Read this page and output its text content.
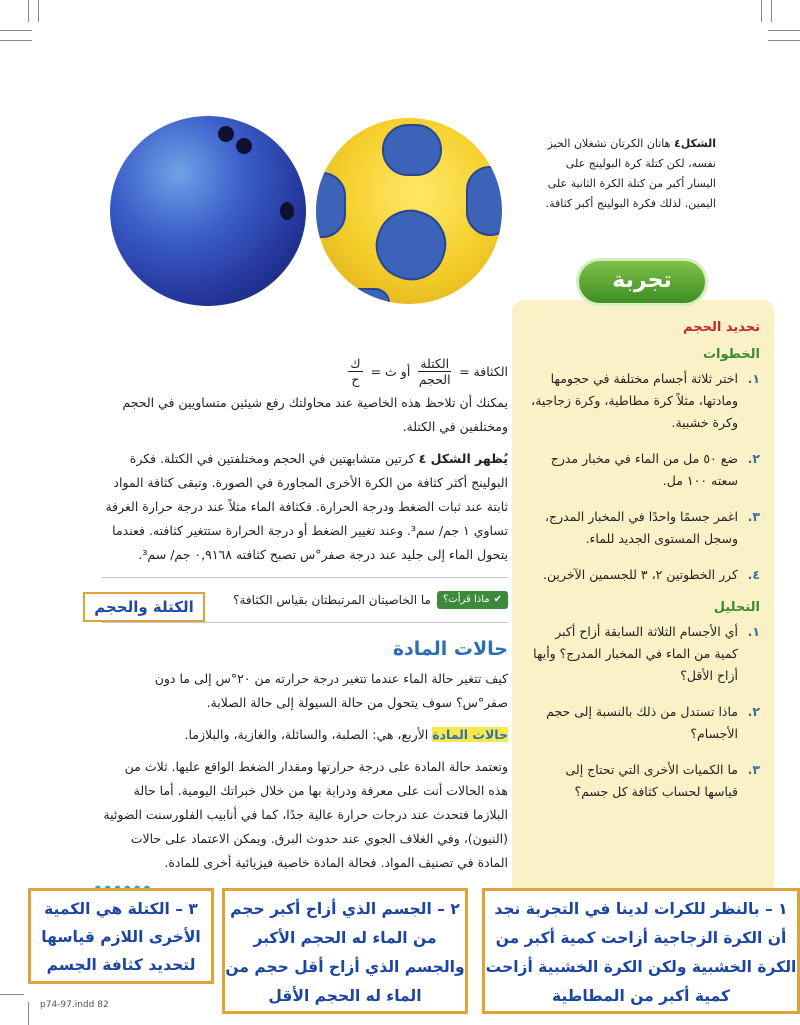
الشكل٤ هاتان الكرتان تشغلان الحيز نفسه، لكن كتلة كرة البولينج على اليسار أكبر من كتلة الكرة الثانية على اليمين. لذلك فكرة البولينج أكبر كثافة.
تحديد الحجم
الخطوات
١.
اختر ثلاثة أجسام مختلفة في حجومها ومادتها، مثلاً كرة مطاطية، وكرة زجاجية، وكرة خشبية.
٢.
ضع ٥٠ مل من الماء في مخبار مدرج سعته ١٠٠ مل.
٣.
اغمر جسمًا واحدًا في المخبار المدرج، وسجل المستوى الجديد للماء.
٤.
كرر الخطوتين ٢، ٣ للجسمين الآخرين.
التحليل
١.
أي الأجسام الثلاثة السابقة أزاح أكبر كمية من الماء في المخبار المدرج؟ وأيها أزاح الأقل؟
٢.
ماذا تستدل من ذلك بالنسبة إلى حجم الأجسام؟
٣.
ما الكميات الأخرى التي تحتاج إلى قياسها لحساب كثافة كل جسم؟
تجربة
الكثافة =
$\frac{\text{الكتلة}}{\text{الحجم}}$
أو ث =
$\frac{\text{ك}}{\text{ح}}$

يمكنك أن تلاحظ هذه الخاصية عند محاولتك رفع شيئين متساويين في الحجم ومختلفين في الكتلة.

يُظهر الشكل ٤ كرتين متشابهتين في الحجم ومختلفتين في الكتلة. فكرة البولينج أكثر كثافة من الكرة الأخرى المجاورة في الصورة. وتبقى كثافة المواد ثابتة عند ثبات الضغط ودرجة الحرارة. فكثافة الماء مثلاً عند درجة حرارة الغرفة تساوي ١ جم/ سم³. وعند تغيير الضغط أو درجة الحرارة ستتغير كثافته. فعندما يتحول الماء إلى جليد عند درجة صفر°س تصبح كثافته ٠,٩١٦٨ جم/ سم³.

✔
ماذا قرأت؟
ما الخاصيتان المرتبطتان بقياس الكثافة؟
حالات المادة

كيف تتغير حالة الماء عندما تتغير درجة حرارته من ٢٠°س إلى ما دون صفر°س؟ سوف يتحول من حالة السيولة إلى حالة الصلابة.

حالات المادة الأربع، هي: الصلبة، والسائلة، والغازية، والبلازما.

وتعتمد حالة المادة على درجة حرارتها ومقدار الضغط الواقع عليها. ثلاث من هذه الحالات أنت على معرفة ودراية بها من خلال خبراتك اليومية. أما حالة البلازما فتحدث عند درجات حرارة عالية جدًا، كما في أنابيب الفلورسنت الضوئية (النيون)، وفي الغلاف الجوي عند حدوث البرق. ويمكن الاعتماد على حالات المادة في تصنيف المواد. فحالة المادة خاصية فيزيائية أخرى للمادة.

الكتلة والحجم
١ – بالنظر للكرات لدينا في التجربة نجد أن الكرة الزجاجية أزاحت كمية أكبر من الكرة الخشبية ولكن الكرة الخشبية أزاحت كمية أكبر من المطاطية
٢ – الجسم الذي أزاح أكبر حجم من الماء له الحجم الأكبر والجسم الذي أزاح أقل حجم من الماء له الحجم الأقل
٣ – الكتلة هي الكمية الأخرى اللازم قياسها لتحديد كثافة الجسم
p74-97.indd 82
